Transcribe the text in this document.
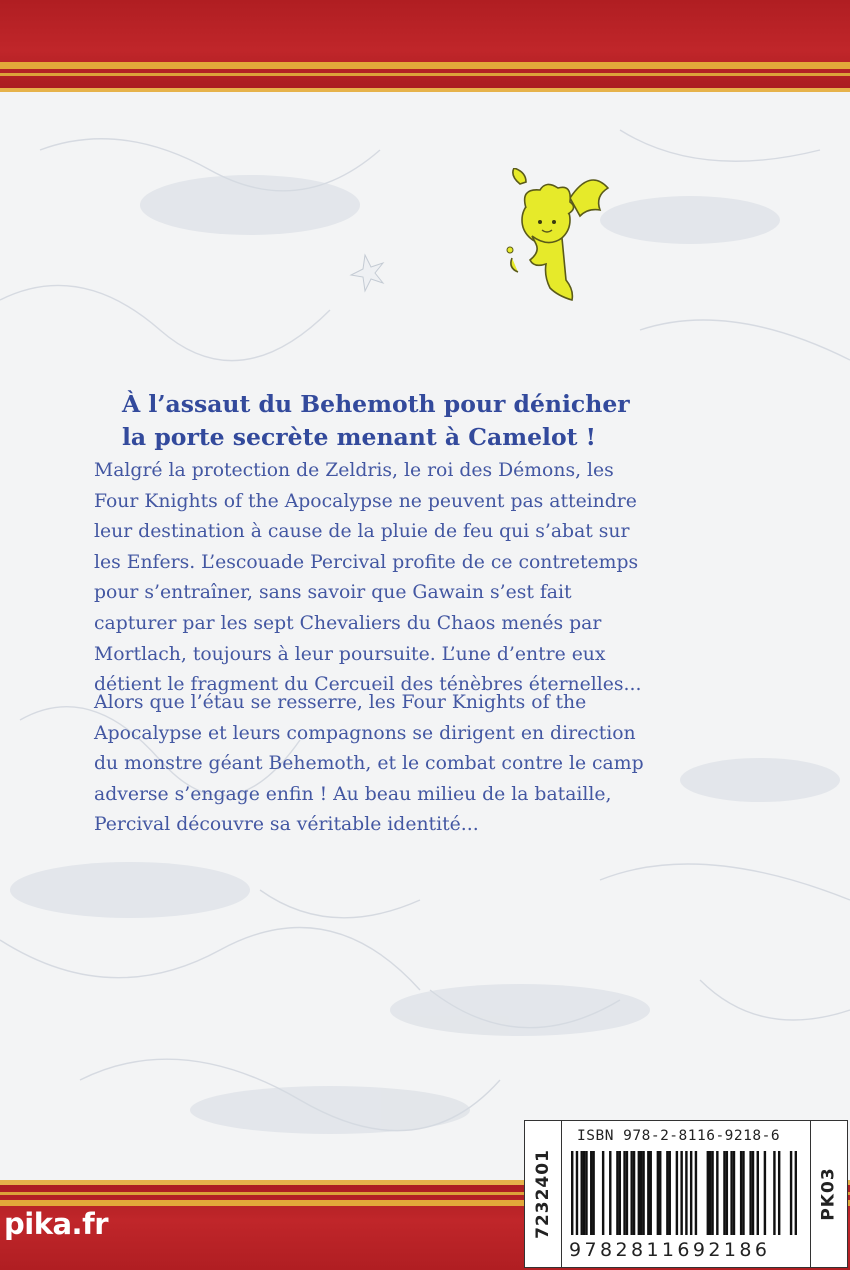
À l’assaut du Behemoth pour dénicher
la porte secrète menant à Camelot !
Malgré la protection de Zeldris, le roi des Démons, les
Four Knights of the Apocalypse ne peuvent pas atteindre
leur destination à cause de la pluie de feu qui s’abat sur
les Enfers. L’escouade Percival profite de ce contretemps
pour s’entraîner, sans savoir que Gawain s’est fait
capturer par les sept Chevaliers du Chaos menés par
Mortlach, toujours à leur poursuite. L’une d’entre eux
détient le fragment du Cercueil des ténèbres éternelles...
Alors que l’étau se resserre, les Four Knights of the
Apocalypse et leurs compagnons se dirigent en direction
du monstre géant Behemoth, et le combat contre le camp
adverse s’engage enfin ! Au beau milieu de la bataille,
Percival découvre sa véritable identité...
pika.fr	7232401
ISBN 978-2-8116-9218-6
9782811692186
PK03
